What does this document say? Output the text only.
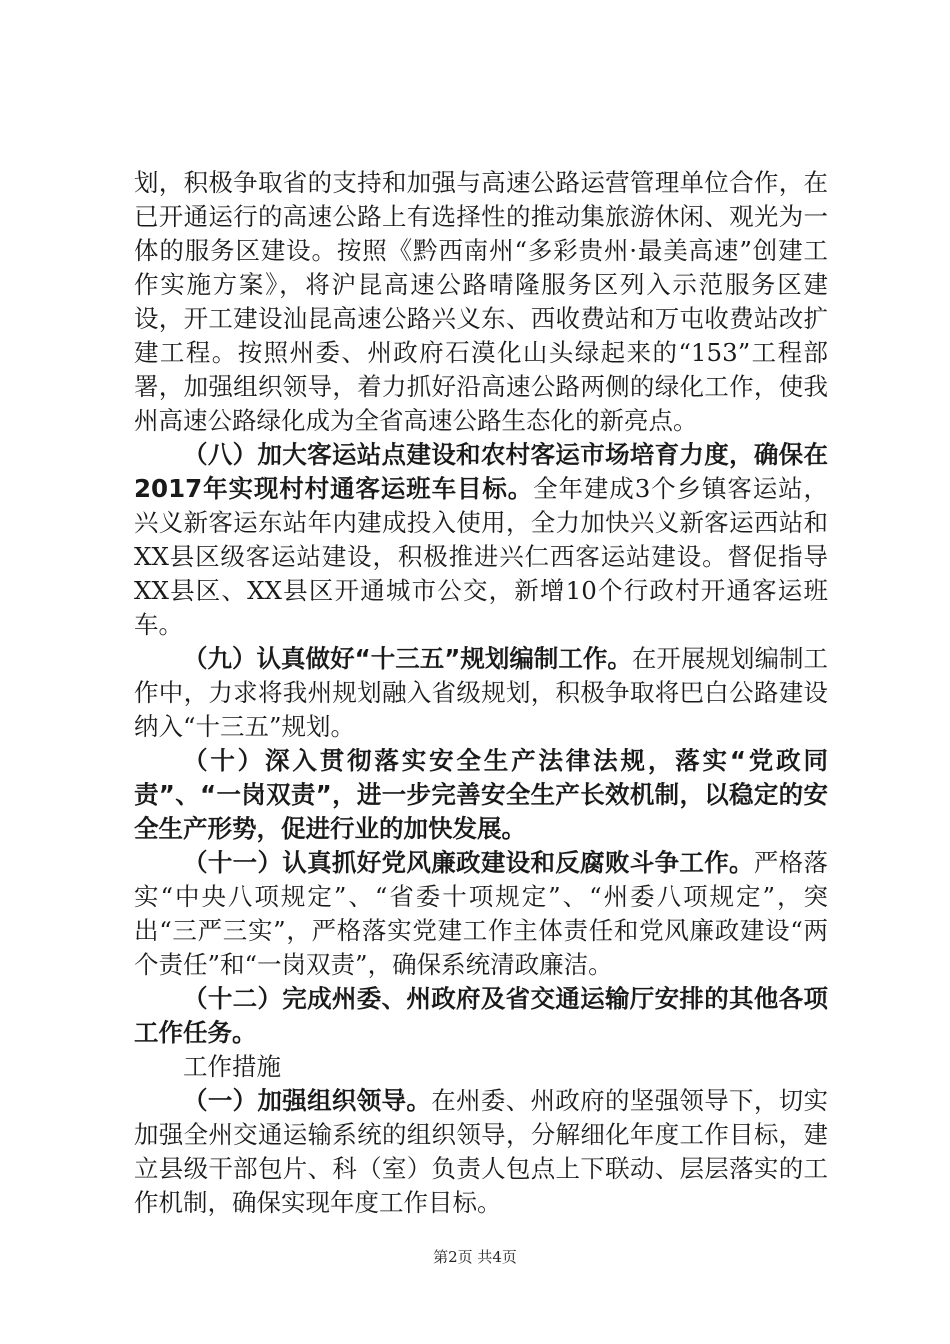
划，积极争取省的支持和加强与高速公路运营管理单位合作，在已开通运行的高速公路上有选择性的推动集旅游休闲、观光为一体的服务区建设。按照《黔西南州“多彩贵州·最美高速”创建工作实施方案》，将沪昆高速公路晴隆服务区列入示范服务区建设，开工建设汕昆高速公路兴义东、西收费站和万屯收费站改扩建工程。按照州委、州政府石漠化山头绿起来的“153”工程部署，加强组织领导，着力抓好沿高速公路两侧的绿化工作，使我州高速公路绿化成为全省高速公路生态化的新亮点。

（八）加大客运站点建设和农村客运市场培育力度，确保在2017年实现村村通客运班车目标。全年建成3个乡镇客运站，兴义新客运东站年内建成投入使用，全力加快兴义新客运西站和XX县区级客运站建设，积极推进兴仁西客运站建设。督促指导XX县区、XX县区开通城市公交，新增10个行政村开通客运班车。

（九）认真做好“十三五”规划编制工作。在开展规划编制工作中，力求将我州规划融入省级规划，积极争取将巴白公路建设纳入“十三五”规划。

（十）深入贯彻落实安全生产法律法规，落实“党政同责”、“一岗双责”，进一步完善安全生产长效机制，以稳定的安全生产形势，促进行业的加快发展。

（十一）认真抓好党风廉政建设和反腐败斗争工作。严格落实“中央八项规定”、“省委十项规定”、“州委八项规定”，突出“三严三实”，严格落实党建工作主体责任和党风廉政建设“两个责任”和“一岗双责”，确保系统清政廉洁。

（十二）完成州委、州政府及省交通运输厅安排的其他各项工作任务。

工作措施

（一）加强组织领导。在州委、州政府的坚强领导下，切实加强全州交通运输系统的组织领导，分解细化年度工作目标，建立县级干部包片、科（室）负责人包点上下联动、层层落实的工作机制，确保实现年度工作目标。

第2页 共4页
